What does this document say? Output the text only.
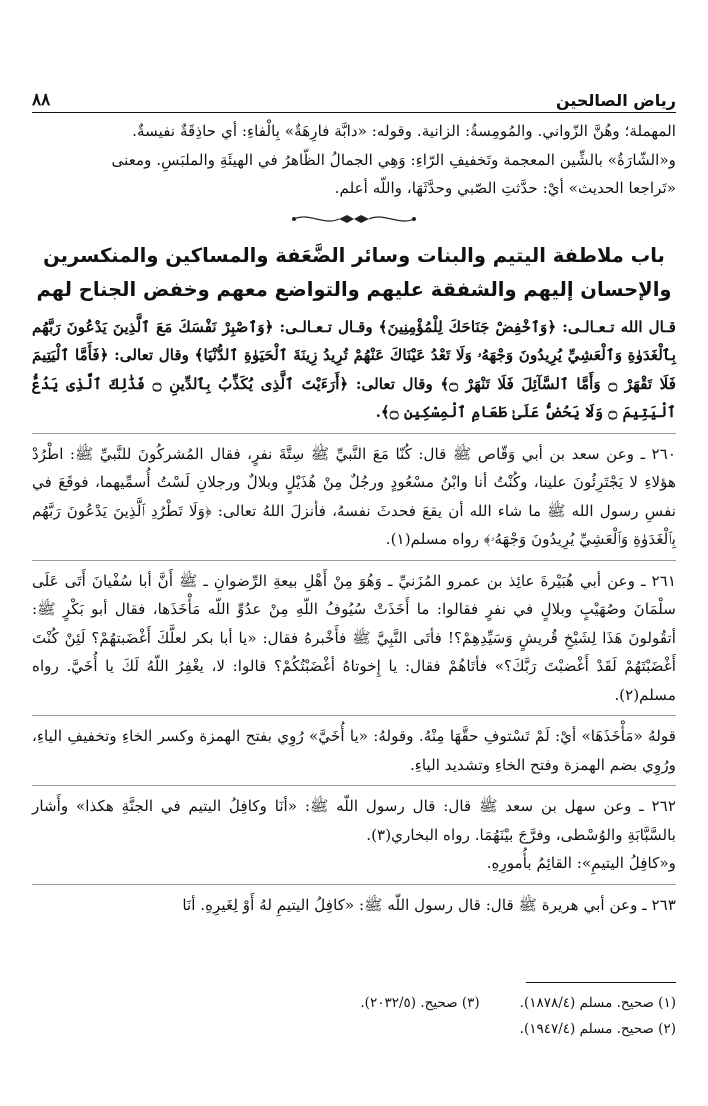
٨٨	رياض الصالحين

المهملة؛ وهُنَّ الزّواني. والمُومِسةُ: الزانية. وقوله: «دابَّة فارِهَةٌ» بِالْفاءِ: أي حاذِقَةٌ نفيسةٌ.

و«الشّارَةُ» بالشِّين المعجمة وتَخفيفِ الرّاءِ: وَهِي الجمالُ الظّاهرُ في الهيئَةِ والملبَسِ. ومعنى

«تَراجعا الحديث» أيْ: حدَّثتِ الصّبي وحدَّثَهَا، واللّه أعلم.

باب ملاطفة اليتيم والبنات وسائر الضَّعَفة والمساكين والمنكسرين
والإحسان إليهم والشفقة عليهم والتواضع معهم وخفض الجناح لهم

قـال الله تـعـالـى: ﴿وَٱخْفِضْ جَنَاحَكَ لِلْمُؤْمِنِينَ﴾ وقـال تـعـالـى: ﴿وَٱصْبِرْ نَفْسَكَ مَعَ ٱلَّذِينَ يَدْعُونَ رَبَّهُم بِٱلْغَدَوٰةِ وَٱلْعَشِيِّ يُرِيدُونَ وَجْهَهُۥ وَلَا تَعْدُ عَيْنَاكَ عَنْهُمْ تُرِيدُ زِينَةَ ٱلْحَيَوٰةِ ٱلدُّنْيَا﴾ وقال تعالى: ﴿فَأَمَّا ٱلْيَتِيمَ فَلَا تَقْهَرْ ۝ وَأَمَّا ٱلسَّآئِلَ فَلَا تَنْهَرْ ۝﴾ وقال تعالى: ﴿أَرَءَيْتَ ٱلَّذِى يُكَذِّبُ بِٱلدِّينِ ۝ فَذَٰلِكَ ٱلَّذِى يَدُعُّ ٱلْيَتِيمَ ۝ وَلَا يَحُضُّ عَلَىٰ طَعَامِ ٱلْمِسْكِينِ ۝﴾.

٢٦٠ ـ وعن سعد بن أبي وَقّاص ﷺ قال: كُنّا مَعَ النَّبيِّ ﷺ سِتَّةَ نفرٍ، فقال المُشركُونَ للنَّبيِّ ﷺ: اطْرُدْ هؤلاءِ لا يَجْتَرِئُونَ علينا، وكُنْتُ أنا وابْنُ مسْعُودٍ ورجُلٌ مِنْ هُذَيْلٍ وبلالٌ ورجلانِ لَسْتُ أُسمِّيهما، فوقَعَ في نفسِ رسول الله ﷺ ما شاء الله أن يقعَ فحدثَ نفسهُ، فأنزلَ اللهُ تعالى: ﴿وَلَا تَطْرُدِ ٱلَّذِينَ يَدْعُونَ رَبَّهُم بِٱلْغَدَوٰةِ وَٱلْعَشِيِّ يُرِيدُونَ وَجْهَهُۥ﴾ رواه مسلم(١).

٢٦١ ـ وعن أبي هُبَيْرةَ عائِذ بن عمرو المُزَنيِّ ـ وَهُوَ مِنْ أَهْلِ بيعةِ الرِّضوانِ ـ ﷺ أَنَّ أبا سُفْيانَ أَتَى عَلَى سلْمَانَ وصُهَيْبٍ وبلالٍ في نفرٍ فقالوا: ما أَخَذَتْ سُيُوفُ اللّهِ مِنْ عدُوِّ اللّه مَأْخَذَها، فقال أبو بَكْرٍ ﷺ: أتقُولونَ هَذَا لِشَيْخِ قُريشٍ وَسَيِّدِهِمْ؟! فأتَى النَّبِيَّ ﷺ فأَخْبرهُ فقال: «يا أبا بكر لعلَّكَ أَغْضَبتهُمْ؟ لَئِنْ كُنْتَ أَغْضَبْتَهُمْ لَقَدْ أَغْضبْتَ رَبَّكَ؟» فأتَاهُمْ فقال: يا إِخوتاهُ أغْضَبْتُكُمْ؟ قالوا: لا، يغْفِرُ اللّهُ لَكَ يا أُخَيَّ. رواه مسلم(٢).

قولهُ «مَأْخَذَهَا» أيْ: لَمْ تَسْتوفِ حقَّهَا مِنْهُ. وقولهُ: «يا أُخَيَّ» رُوِي بفتح الهمزة وكسر الخاءِ وتخفيفِ الياءِ، ورُوِي بضم الهمزة وفتح الخاءِ وتشديد الياءِ.

٢٦٢ ـ وعن سهل بن سعد ﷺ قال: قال رسول اللّه ﷺ: «أنَا وكافِلُ اليتيم في الجنَّةِ هكذا» وأَشار بالسَّبَّابَةِ والوُسْطى، وفرَّجَ بيْنَهُمَا. رواه البخاري(٣).

و«كافِلُ اليتيمِ»: القائِمُ بأُمورِهِ.

٢٦٣ ـ وعن أبي هريرة ﷺ قال: قال رسول اللّه ﷺ: «كافِلُ اليتيمِ لهُ أَوْ لِغَيرِهِ. أنَا

(١) صحيح. مسلم (١٨٧٨/٤).
(٣) صحيح. (٢٠٣٢/٥).
(٢) صحيح. مسلم (١٩٤٧/٤).
